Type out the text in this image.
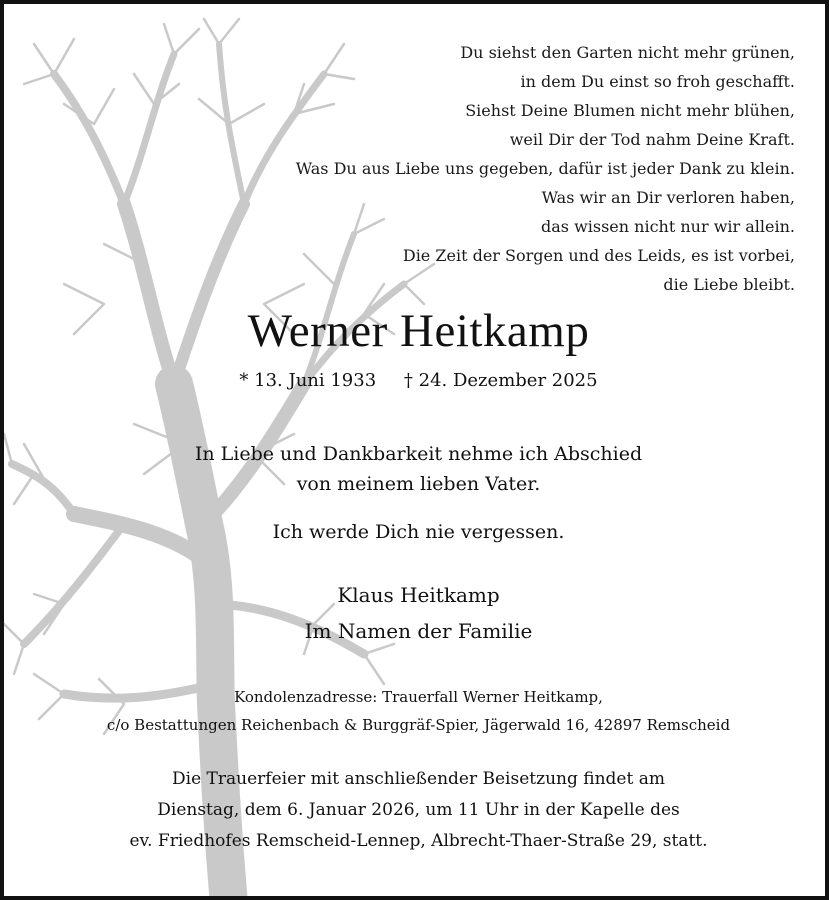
Du siehst den Garten nicht mehr grünen,
in dem Du einst so froh geschafft.
Siehst Deine Blumen nicht mehr blühen,
weil Dir der Tod nahm Deine Kraft.
Was Du aus Liebe uns gegeben, dafür ist jeder Dank zu klein.
Was wir an Dir verloren haben,
das wissen nicht nur wir allein.
Die Zeit der Sorgen und des Leids, es ist vorbei,
die Liebe bleibt.
Werner Heitkamp
* 13. Juni 1933 † 24. Dezember 2025
In Liebe und Dankbarkeit nehme ich Abschied
von meinem lieben Vater.
Ich werde Dich nie vergessen.
Klaus Heitkamp
Im Namen der Familie
Kondolenzadresse: Trauerfall Werner Heitkamp,
c/o Bestattungen Reichenbach & Burggräf-Spier, Jägerwald 16, 42897 Remscheid
Die Trauerfeier mit anschließender Beisetzung findet am
Dienstag, dem 6. Januar 2026, um 11 Uhr in der Kapelle des
ev. Friedhofes Remscheid-Lennep, Albrecht-Thaer-Straße 29, statt.
